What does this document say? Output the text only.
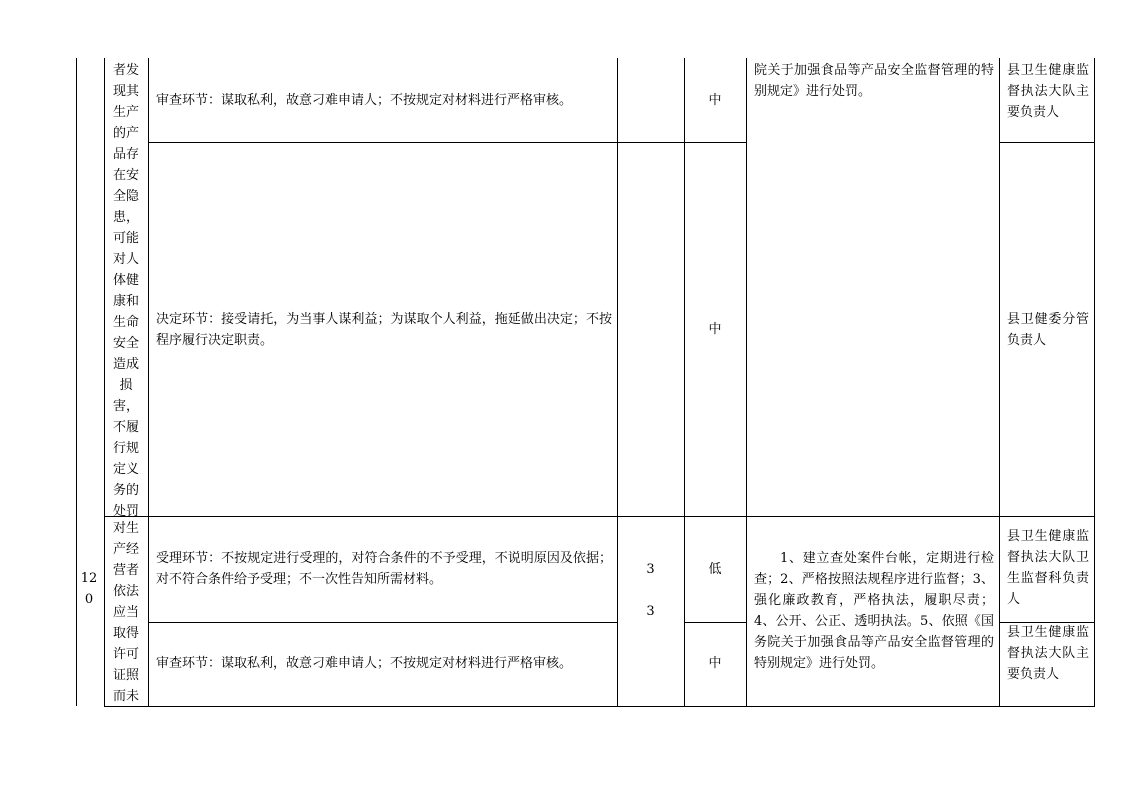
者发现其生产的产品存在安全隐患，可能对人体健康和生命安全造成损害，不履行规定义务的处罚
审查环节：谋取私利，故意刁难申请人；不按规定对材料进行严格审核。	中
院关于加强食品等产品安全监督管理的特别规定》进行处罚。
县卫生健康监督执法大队主要负责人
决定环节：接受请托，为当事人谋利益；为谋取个人利益，拖延做出决定；不按程序履行决定职责。
中
县卫健委分管负责人
120
对生产经营者依法应当取得许可证照而未
受理环节：不按规定进行受理的，对符合条件的不予受理，不说明原因及依据；对不符合条件给予受理；不一次性告知所需材料。
3
3
低
1、建立查处案件台帐，定期进行检查；2、严格按照法规程序进行监督；3、强化廉政教育，严格执法，履职尽责；4、公开、公正、透明执法。5、依照《国务院关于加强食品等产品安全监督管理的特别规定》进行处罚。
县卫生健康监督执法大队卫生监督科负责人
审查环节：谋取私利，故意刁难申请人；不按规定对材料进行严格审核。	中
县卫生健康监督执法大队主要负责人
